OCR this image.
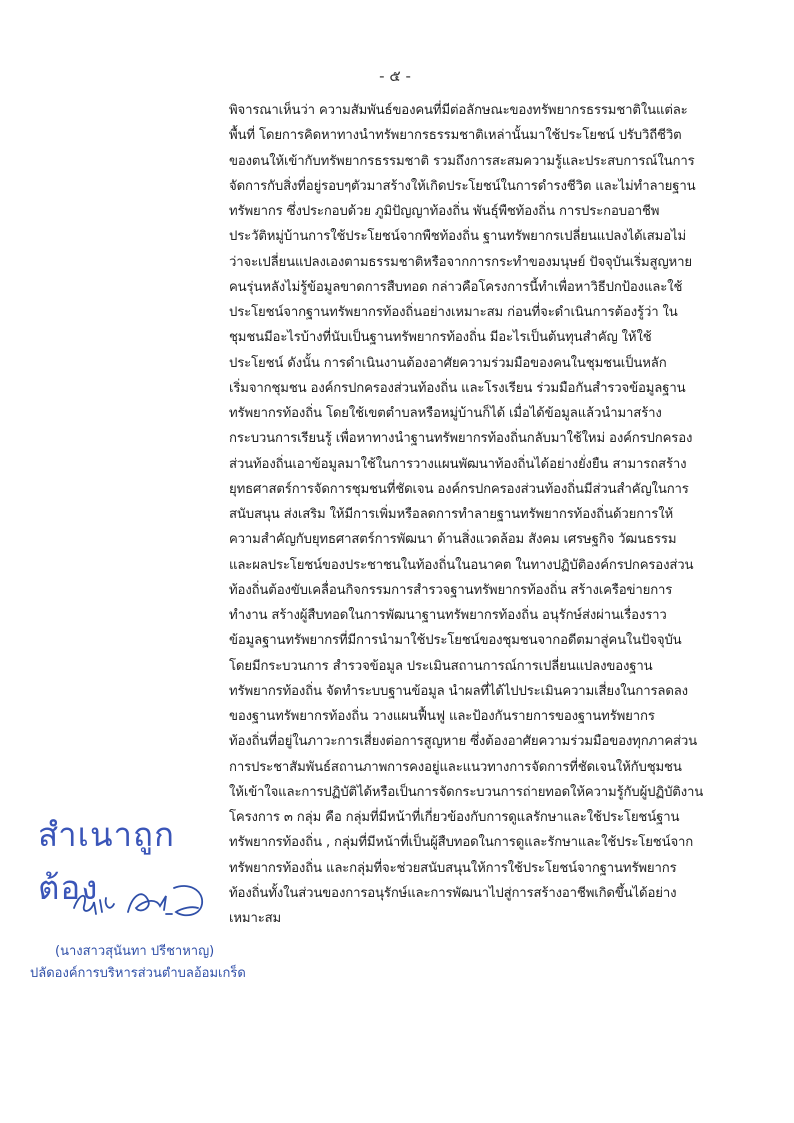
- ๕ -
พิจารณาเห็นว่า ความสัมพันธ์ของคนที่มีต่อลักษณะของทรัพยากรธรรมชาติในแต่ละ
พื้นที่ โดยการคิดหาทางนำทรัพยากรธรรมชาติเหล่านั้นมาใช้ประโยชน์ ปรับวิถีชีวิต
ของตนให้เข้ากับทรัพยากรธรรมชาติ รวมถึงการสะสมความรู้และประสบการณ์ในการ
จัดการกับสิ่งที่อยู่รอบๆตัวมาสร้างให้เกิดประโยชน์ในการดำรงชีวิต และไม่ทำลายฐาน
ทรัพยากร ซึ่งประกอบด้วย ภูมิปัญญาท้องถิ่น พันธุ์พืชท้องถิ่น การประกอบอาชีพ
ประวัติหมู่บ้านการใช้ประโยชน์จากพืชท้องถิ่น ฐานทรัพยากรเปลี่ยนแปลงได้เสมอไม่
ว่าจะเปลี่ยนแปลงเองตามธรรมชาติหรือจากการกระทำของมนุษย์ ปัจจุบันเริ่มสูญหาย
คนรุ่นหลังไม่รู้ข้อมูลขาดการสืบทอด กล่าวคือโครงการนี้ทำเพื่อหาวิธีปกป้องและใช้
ประโยชน์จากฐานทรัพยากรท้องถิ่นอย่างเหมาะสม ก่อนที่จะดำเนินการต้องรู้ว่า ใน
ชุมชนมีอะไรบ้างที่นับเป็นฐานทรัพยากรท้องถิ่น มีอะไรเป็นต้นทุนสำคัญ ให้ใช้
ประโยชน์ ดังนั้น การดำเนินงานต้องอาศัยความร่วมมือของคนในชุมชนเป็นหลัก
เริ่มจากชุมชน องค์กรปกครองส่วนท้องถิ่น และโรงเรียน ร่วมมือกันสำรวจข้อมูลฐาน
ทรัพยากรท้องถิ่น โดยใช้เขตตำบลหรือหมู่บ้านก็ได้ เมื่อได้ข้อมูลแล้วนำมาสร้าง
กระบวนการเรียนรู้ เพื่อหาทางนำฐานทรัพยากรท้องถิ่นกลับมาใช้ใหม่ องค์กรปกครอง
ส่วนท้องถิ่นเอาข้อมูลมาใช้ในการวางแผนพัฒนาท้องถิ่นได้อย่างยั่งยืน สามารถสร้าง
ยุทธศาสตร์การจัดการชุมชนที่ชัดเจน องค์กรปกครองส่วนท้องถิ่นมีส่วนสำคัญในการ
สนับสนุน ส่งเสริม ให้มีการเพิ่มหรือลดการทำลายฐานทรัพยากรท้องถิ่นด้วยการให้
ความสำคัญกับยุทธศาสตร์การพัฒนา ด้านสิ่งแวดล้อม สังคม เศรษฐกิจ วัฒนธรรม
และผลประโยชน์ของประชาชนในท้องถิ่นในอนาคต ในทางปฏิบัติองค์กรปกครองส่วน
ท้องถิ่นต้องขับเคลื่อนกิจกรรมการสำรวจฐานทรัพยากรท้องถิ่น สร้างเครือข่ายการ
ทำงาน สร้างผู้สืบทอดในการพัฒนาฐานทรัพยากรท้องถิ่น อนุรักษ์ส่งผ่านเรื่องราว
ข้อมูลฐานทรัพยากรที่มีการนำมาใช้ประโยชน์ของชุมชนจากอดีตมาสู่คนในปัจจุบัน
โดยมีกระบวนการ สำรวจข้อมูล ประเมินสถานการณ์การเปลี่ยนแปลงของฐาน
ทรัพยากรท้องถิ่น จัดทำระบบฐานข้อมูล นำผลที่ได้ไปประเมินความเสี่ยงในการลดลง
ของฐานทรัพยากรท้องถิ่น วางแผนฟื้นฟู และป้องกันรายการของฐานทรัพยากร
ท้องถิ่นที่อยู่ในภาวะการเสี่ยงต่อการสูญหาย ซึ่งต้องอาศัยความร่วมมือของทุกภาคส่วน
การประชาสัมพันธ์สถานภาพการคงอยู่และแนวทางการจัดการที่ชัดเจนให้กับชุมชน
ให้เข้าใจและการปฏิบัติได้หรือเป็นการจัดกระบวนการถ่ายทอดให้ความรู้กับผู้ปฏิบัติงาน
โครงการ ๓ กลุ่ม คือ กลุ่มที่มีหน้าที่เกี่ยวข้องกับการดูแลรักษาและใช้ประโยชน์ฐาน
ทรัพยากรท้องถิ่น , กลุ่มที่มีหน้าที่เป็นผู้สืบทอดในการดูและรักษาและใช้ประโยชน์จาก
ทรัพยากรท้องถิ่น และกลุ่มที่จะช่วยสนับสนุนให้การใช้ประโยชน์จากฐานทรัพยากร
ท้องถิ่นทั้งในส่วนของการอนุรักษ์และการพัฒนาไปสู่การสร้างอาชีพเกิดขึ้นได้อย่าง
เหมาะสม
สำเนาถูกต้อง
(นางสาวสุนันทา ปรีชาหาญ)
ปลัดองค์การบริหารส่วนตำบลอ้อมเกร็ด
